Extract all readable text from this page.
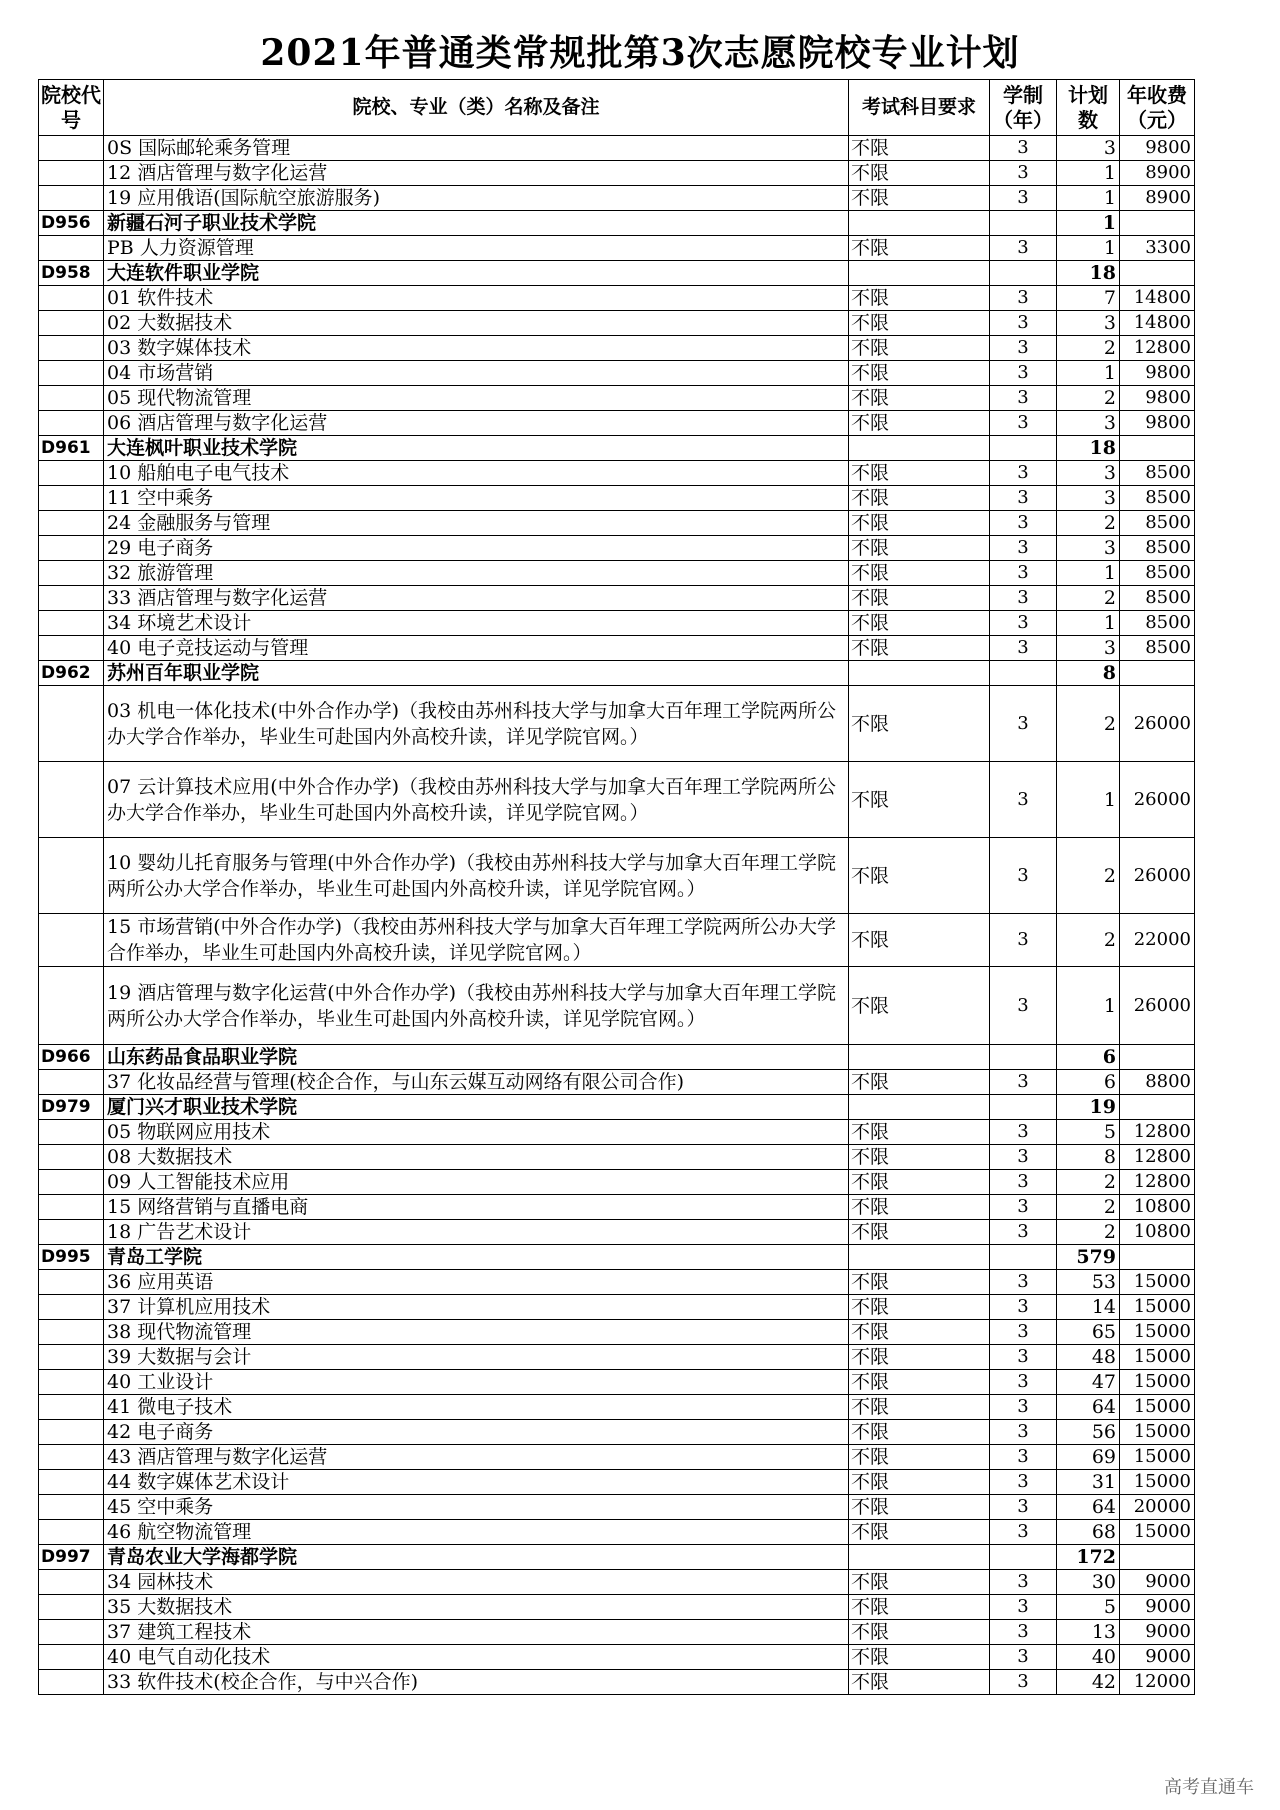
2021年普通类常规批第3次志愿院校专业计划
院校代号	院校、专业（类）名称及备注	考试科目要求	学制（年）	计划数	年收费（元）
	0S 国际邮轮乘务管理	不限	3	3	9800
	12 酒店管理与数字化运营	不限	3	1	8900
	19 应用俄语(国际航空旅游服务)	不限	3	1	8900
D956	新疆石河子职业技术学院			1	
	PB 人力资源管理	不限	3	1	3300
D958	大连软件职业学院			18	
	01 软件技术	不限	3	7	14800
	02 大数据技术	不限	3	3	14800
	03 数字媒体技术	不限	3	2	12800
	04 市场营销	不限	3	1	9800
	05 现代物流管理	不限	3	2	9800
	06 酒店管理与数字化运营	不限	3	3	9800
D961	大连枫叶职业技术学院			18	
	10 船舶电子电气技术	不限	3	3	8500
	11 空中乘务	不限	3	3	8500
	24 金融服务与管理	不限	3	2	8500
	29 电子商务	不限	3	3	8500
	32 旅游管理	不限	3	1	8500
	33 酒店管理与数字化运营	不限	3	2	8500
	34 环境艺术设计	不限	3	1	8500
	40 电子竞技运动与管理	不限	3	3	8500
D962	苏州百年职业学院			8	
	03 机电一体化技术(中外合作办学)（我校由苏州科技大学与加拿大百年理工学院两所公办大学合作举办，毕业生可赴国内外高校升读，详见学院官网。）	不限	3	2	26000
	07 云计算技术应用(中外合作办学)（我校由苏州科技大学与加拿大百年理工学院两所公办大学合作举办，毕业生可赴国内外高校升读，详见学院官网。）	不限	3	1	26000
	10 婴幼儿托育服务与管理(中外合作办学)（我校由苏州科技大学与加拿大百年理工学院两所公办大学合作举办，毕业生可赴国内外高校升读，详见学院官网。）	不限	3	2	26000
	15 市场营销(中外合作办学)（我校由苏州科技大学与加拿大百年理工学院两所公办大学合作举办，毕业生可赴国内外高校升读，详见学院官网。）	不限	3	2	22000
	19 酒店管理与数字化运营(中外合作办学)（我校由苏州科技大学与加拿大百年理工学院两所公办大学合作举办，毕业生可赴国内外高校升读，详见学院官网。）	不限	3	1	26000
D966	山东药品食品职业学院			6	
	37 化妆品经营与管理(校企合作，与山东云媒互动网络有限公司合作)	不限	3	6	8800
D979	厦门兴才职业技术学院			19	
	05 物联网应用技术	不限	3	5	12800
	08 大数据技术	不限	3	8	12800
	09 人工智能技术应用	不限	3	2	12800
	15 网络营销与直播电商	不限	3	2	10800
	18 广告艺术设计	不限	3	2	10800
D995	青岛工学院			579	
	36 应用英语	不限	3	53	15000
	37 计算机应用技术	不限	3	14	15000
	38 现代物流管理	不限	3	65	15000
	39 大数据与会计	不限	3	48	15000
	40 工业设计	不限	3	47	15000
	41 微电子技术	不限	3	64	15000
	42 电子商务	不限	3	56	15000
	43 酒店管理与数字化运营	不限	3	69	15000
	44 数字媒体艺术设计	不限	3	31	15000
	45 空中乘务	不限	3	64	20000
	46 航空物流管理	不限	3	68	15000
D997	青岛农业大学海都学院			172	
	34 园林技术	不限	3	30	9000
	35 大数据技术	不限	3	5	9000
	37 建筑工程技术	不限	3	13	9000
	40 电气自动化技术	不限	3	40	9000
	33 软件技术(校企合作，与中兴合作)	不限	3	42	12000
高考直通车
